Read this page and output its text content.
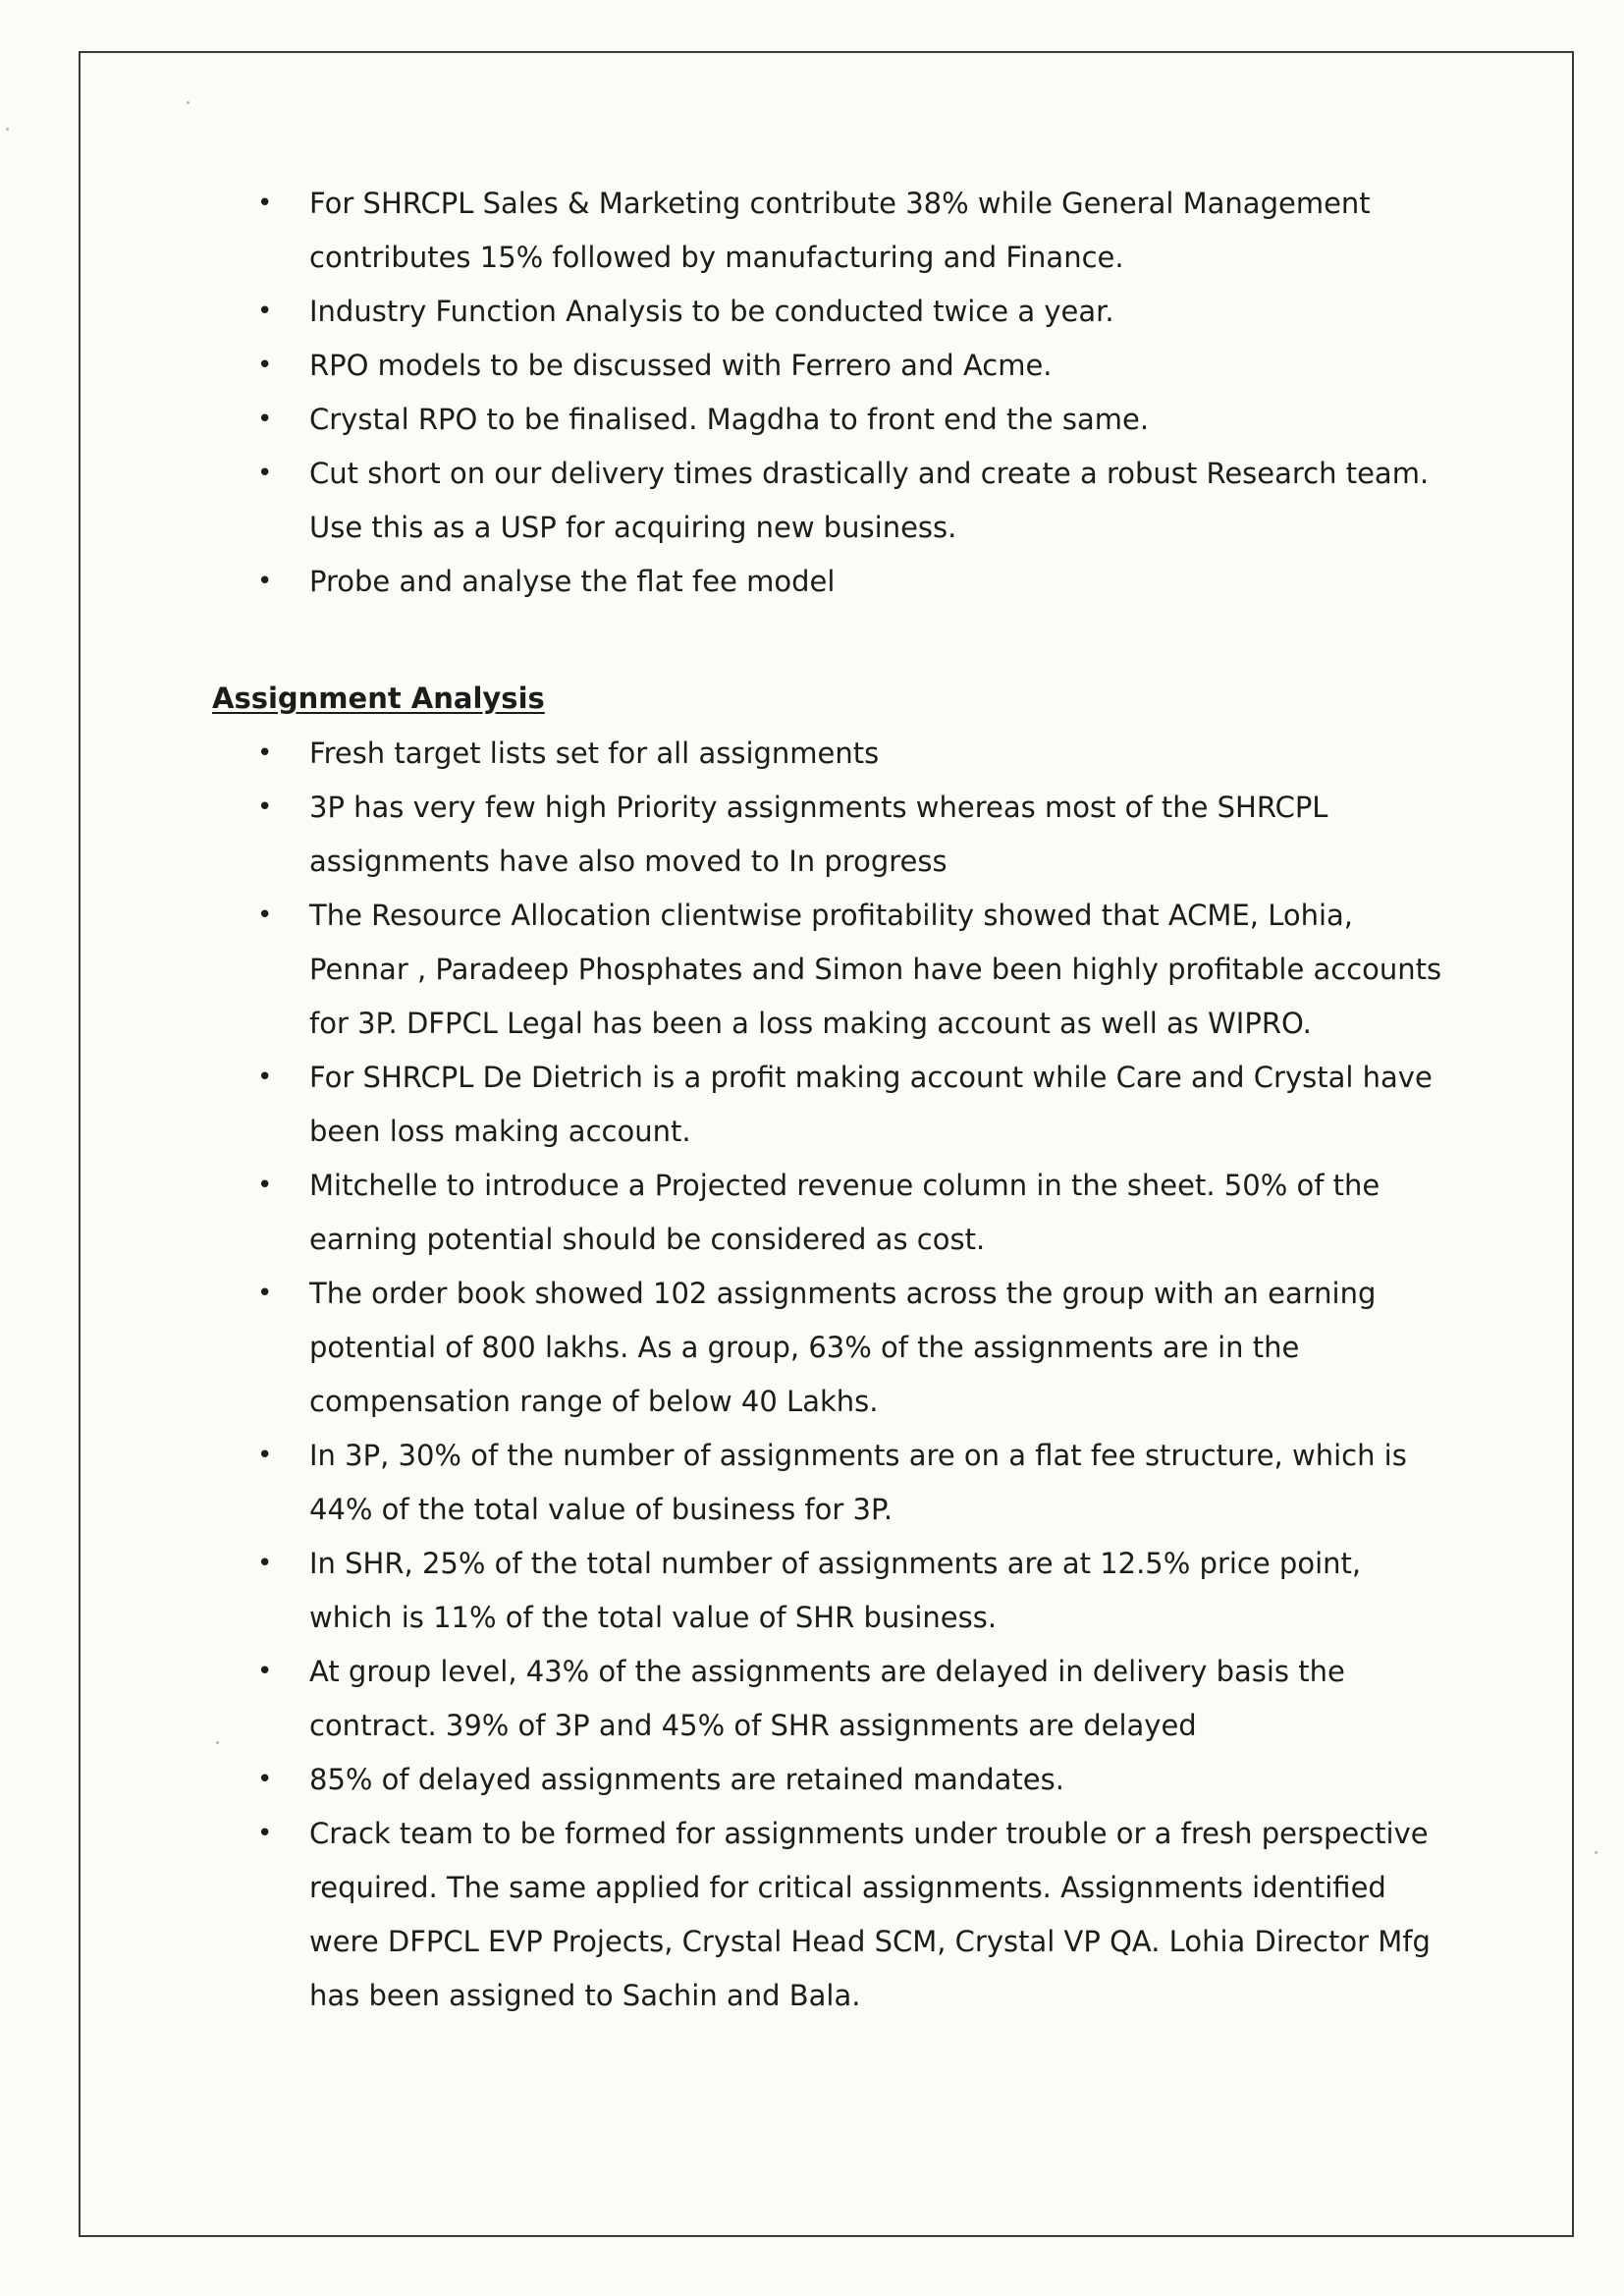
• For SHRCPL Sales & Marketing contribute 38% while General Management contributes 15% followed by manufacturing and Finance.
• Industry Function Analysis to be conducted twice a year.
• RPO models to be discussed with Ferrero and Acme.
• Crystal RPO to be finalised. Magdha to front end the same.
• Cut short on our delivery times drastically and create a robust Research team. Use this as a USP for acquiring new business.
• Probe and analyse the flat fee model
Assignment Analysis
• Fresh target lists set for all assignments
• 3P has very few high Priority assignments whereas most of the SHRCPL assignments have also moved to In progress
• The Resource Allocation clientwise profitability showed that ACME, Lohia, Pennar , Paradeep Phosphates and Simon have been highly profitable accounts for 3P. DFPCL Legal has been a loss making account as well as WIPRO.
• For SHRCPL De Dietrich is a profit making account while Care and Crystal have been loss making account.
• Mitchelle to introduce a Projected revenue column in the sheet. 50% of the earning potential should be considered as cost.
• The order book showed 102 assignments across the group with an earning potential of 800 lakhs. As a group, 63% of the assignments are in the compensation range of below 40 Lakhs.
• In 3P, 30% of the number of assignments are on a flat fee structure, which is 44% of the total value of business for 3P.
• In SHR, 25% of the total number of assignments are at 12.5% price point, which is 11% of the total value of SHR business.
• At group level, 43% of the assignments are delayed in delivery basis the contract. 39% of 3P and 45% of SHR assignments are delayed
• 85% of delayed assignments are retained mandates.
• Crack team to be formed for assignments under trouble or a fresh perspective required. The same applied for critical assignments. Assignments identified were DFPCL EVP Projects, Crystal Head SCM, Crystal VP QA. Lohia Director Mfg has been assigned to Sachin and Bala.
